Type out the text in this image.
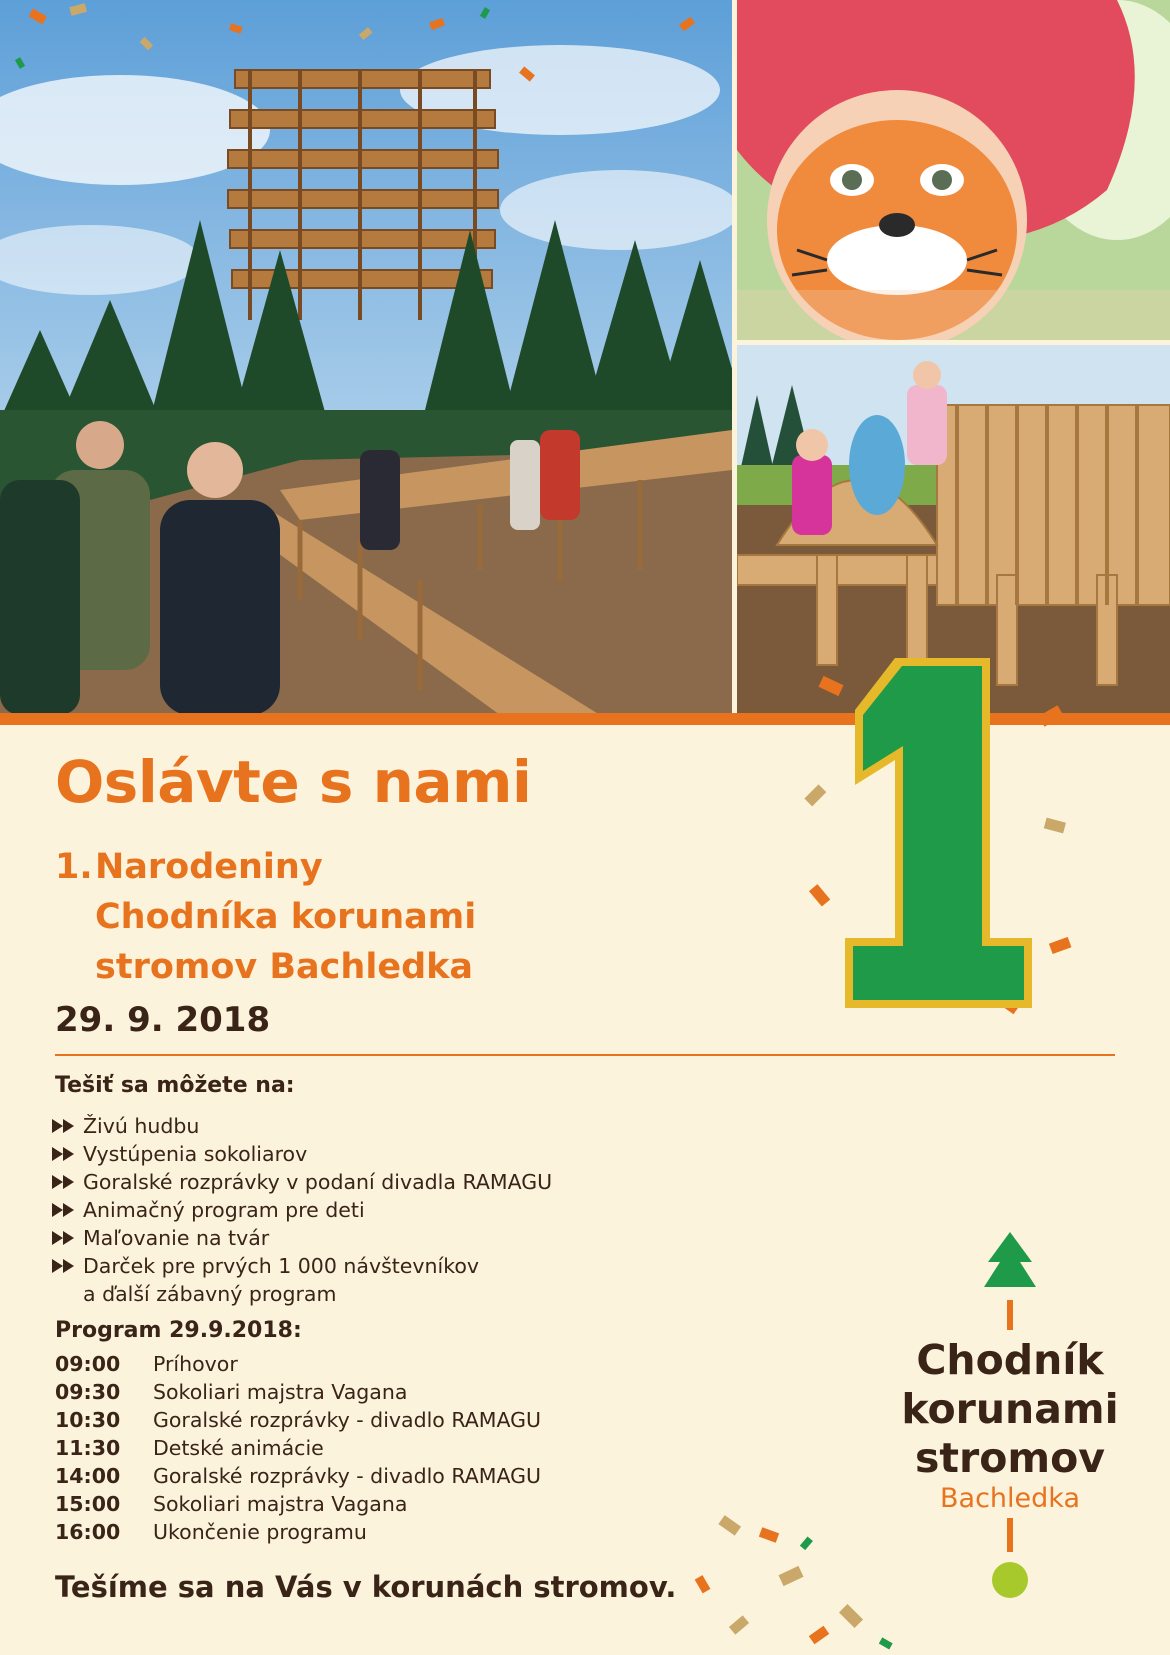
1
Oslávte s nami
1.Narodeniny
Chodníka korunami
stromov Bachledka
29. 9. 2018
Tešiť sa môžete na:
Živú hudbu
Vystúpenia sokoliarov
Goralské rozprávky v podaní divadla RAMAGU
Animačný program pre deti
Maľovanie na tvár
Darček pre prvých 1 000 návštevníkov
a ďalší zábavný program
Program 29.9.2018:
09:00	Príhovor
09:30	Sokoliari majstra Vagana
10:30	Goralské rozprávky - divadlo RAMAGU
11:30	Detské animácie
14:00	Goralské rozprávky - divadlo RAMAGU
15:00	Sokoliari majstra Vagana
16:00	Ukončenie programu
Tešíme sa na Vás v korunách stromov.
Chodník
korunami
stromov
Bachledka
